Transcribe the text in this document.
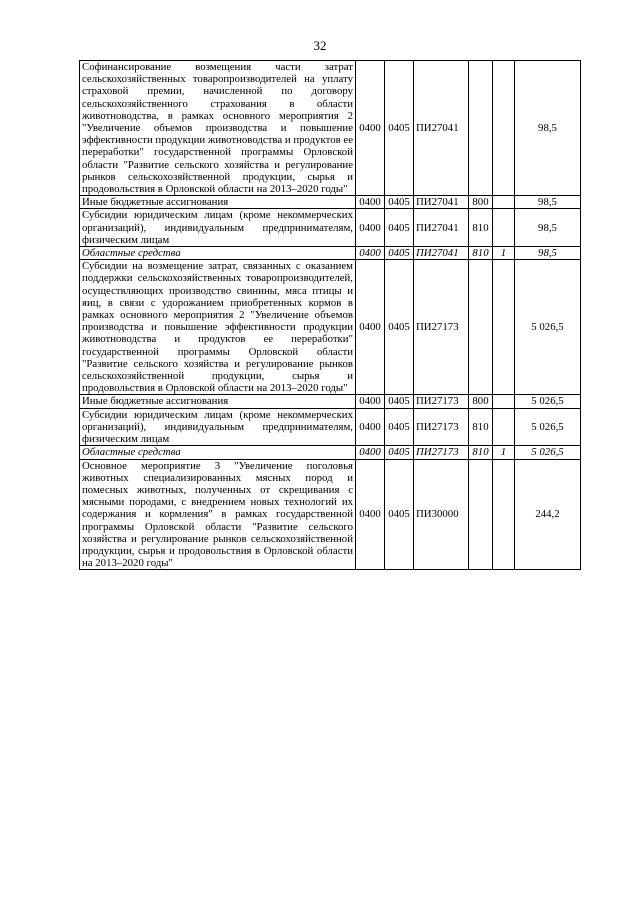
32
Софинансирование возмещения части затрат сельскохозяйственных товаропроизводителей на уплату страховой премии, начисленной по договору сельскохозяйственного страхования в области животноводства, в рамках основного мероприятия 2 "Увеличение объемов производства и повышение эффективности продукции животноводства и продуктов ее переработки" государственной программы Орловской области "Развитие сельского хозяйства и регулирование рынков сельскохозяйственной продукции, сырья и продовольствия в Орловской области на 2013–2020 годы"	0400	0405	ПИ27041			98,5
Иные бюджетные ассигнования	0400	0405	ПИ27041	800		98,5
Субсидии юридическим лицам (кроме некоммерческих организаций), индивидуальным предпринимателям, физическим лицам	0400	0405	ПИ27041	810		98,5
Областные средства	0400	0405	ПИ27041	810	1	98,5
Субсидии на возмещение затрат, связанных с оказанием поддержки сельскохозяйственных товаропроизводителей, осуществляющих производство свинины, мяса птицы и яиц, в связи с удорожанием приобретенных кормов в рамках основного мероприятия 2 "Увеличение объемов производства и повышение эффективности продукции животноводства и продуктов ее переработки" государственной программы Орловской области "Развитие сельского хозяйства и регулирование рынков сельскохозяйственной продукции, сырья и продовольствия в Орловской области на 2013–2020 годы"	0400	0405	ПИ27173			5 026,5
Иные бюджетные ассигнования	0400	0405	ПИ27173	800		5 026,5
Субсидии юридическим лицам (кроме некоммерческих организаций), индивидуальным предпринимателям, физическим лицам	0400	0405	ПИ27173	810		5 026,5
Областные средства	0400	0405	ПИ27173	810	1	5 026,5
Основное мероприятие 3 "Увеличение поголовья животных специализированных мясных пород и помесных животных, полученных от скрещивания с мясными породами, с внедрением новых технологий их содержания и кормления" в рамках государственной программы Орловской области "Развитие сельского хозяйства и регулирование рынков сельскохозяйственной продукции, сырья и продовольствия в Орловской области на 2013–2020 годы"	0400	0405	ПИ30000			244,2
